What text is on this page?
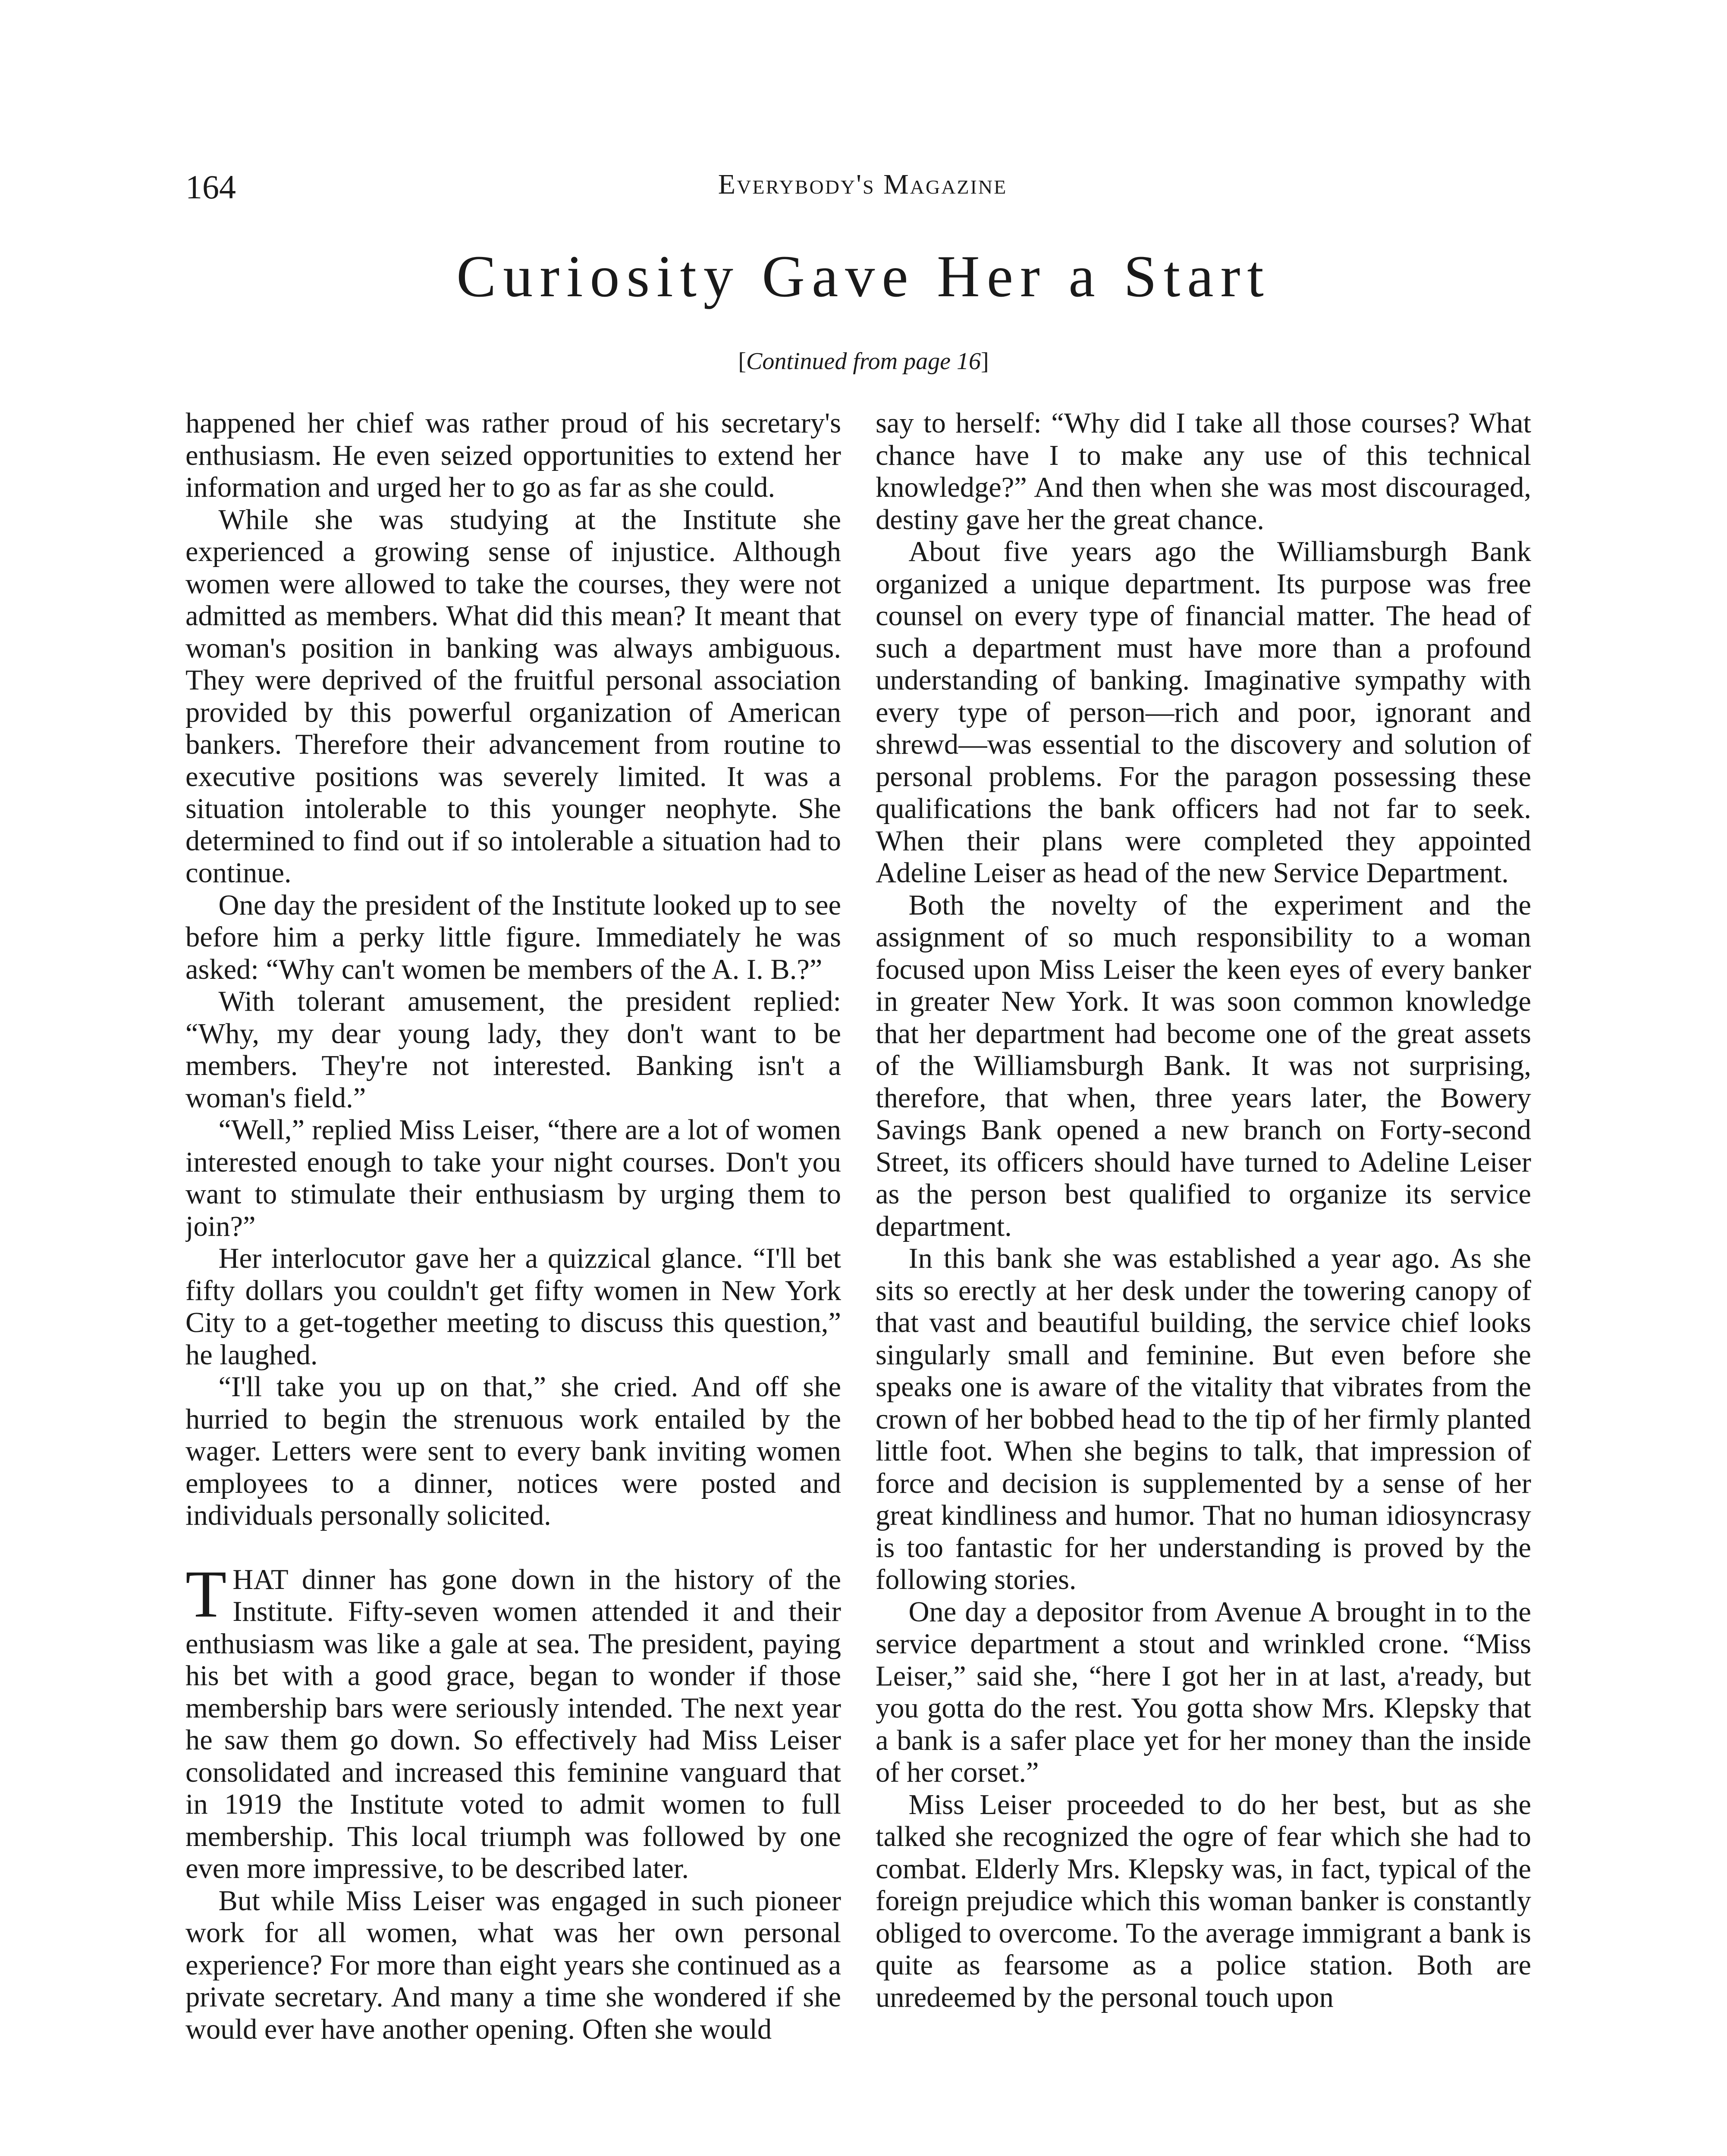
164	Everybody's Magazine
Curiosity Gave Her a Start
[Continued from page 16]

happened her chief was rather proud of his secretary's enthusiasm. He even seized opportunities to extend her information and urged her to go as far as she could.

While she was studying at the Institute she experienced a growing sense of injustice. Although women were allowed to take the courses, they were not admitted as members. What did this mean? It meant that woman's position in banking was always ambiguous. They were deprived of the fruitful personal association provided by this powerful organization of American bankers. Therefore their advancement from routine to executive positions was severely limited. It was a situation intolerable to this younger neophyte. She determined to find out if so intolerable a situation had to continue.

One day the president of the Institute looked up to see before him a perky little figure. Immediately he was asked: “Why can't women be members of the A. I. B.?”

With tolerant amusement, the president replied: “Why, my dear young lady, they don't want to be members. They're not interested. Banking isn't a woman's field.”

“Well,” replied Miss Leiser, “there are a lot of women interested enough to take your night courses. Don't you want to stimulate their enthusiasm by urging them to join?”

Her interlocutor gave her a quizzical glance. “I'll bet fifty dollars you couldn't get fifty women in New York City to a get-together meeting to discuss this question,” he laughed.

“I'll take you up on that,” she cried. And off she hurried to begin the strenuous work entailed by the wager. Letters were sent to every bank inviting women employees to a dinner, notices were posted and individuals personally solicited.

THAT dinner has gone down in the history of the Institute. Fifty-seven women attended it and their enthusiasm was like a gale at sea. The president, paying his bet with a good grace, began to wonder if those membership bars were seriously intended. The next year he saw them go down. So effectively had Miss Leiser consolidated and increased this feminine vanguard that in 1919 the Institute voted to admit women to full membership. This local triumph was followed by one even more impressive, to be described later.

But while Miss Leiser was engaged in such pioneer work for all women, what was her own personal experience? For more than eight years she continued as a private secretary. And many a time she wondered if she would ever have another opening. Often she would

say to herself: “Why did I take all those courses? What chance have I to make any use of this technical knowledge?” And then when she was most discouraged, destiny gave her the great chance.

About five years ago the Williamsburgh Bank organized a unique department. Its purpose was free counsel on every type of financial matter. The head of such a department must have more than a profound understanding of banking. Imaginative sympathy with every type of person—rich and poor, ignorant and shrewd—was essential to the discovery and solution of personal problems. For the paragon possessing these qualifications the bank officers had not far to seek. When their plans were completed they appointed Adeline Leiser as head of the new Service Department.

Both the novelty of the experiment and the assignment of so much responsibility to a woman focused upon Miss Leiser the keen eyes of every banker in greater New York. It was soon common knowledge that her department had become one of the great assets of the Williamsburgh Bank. It was not surprising, therefore, that when, three years later, the Bowery Savings Bank opened a new branch on Forty-second Street, its officers should have turned to Adeline Leiser as the person best qualified to organize its service department.

In this bank she was established a year ago. As she sits so erectly at her desk under the towering canopy of that vast and beautiful building, the service chief looks singularly small and feminine. But even before she speaks one is aware of the vitality that vibrates from the crown of her bobbed head to the tip of her firmly planted little foot. When she begins to talk, that impression of force and decision is supplemented by a sense of her great kindliness and humor. That no human idiosyncrasy is too fantastic for her understanding is proved by the following stories.

One day a depositor from Avenue A brought in to the service department a stout and wrinkled crone. “Miss Leiser,” said she, “here I got her in at last, a'ready, but you gotta do the rest. You gotta show Mrs. Klepsky that a bank is a safer place yet for her money than the inside of her corset.”

Miss Leiser proceeded to do her best, but as she talked she recognized the ogre of fear which she had to combat. Elderly Mrs. Klepsky was, in fact, typical of the foreign prejudice which this woman banker is constantly obliged to overcome. To the average immigrant a bank is quite as fearsome as a police station. Both are unredeemed by the personal touch upon
